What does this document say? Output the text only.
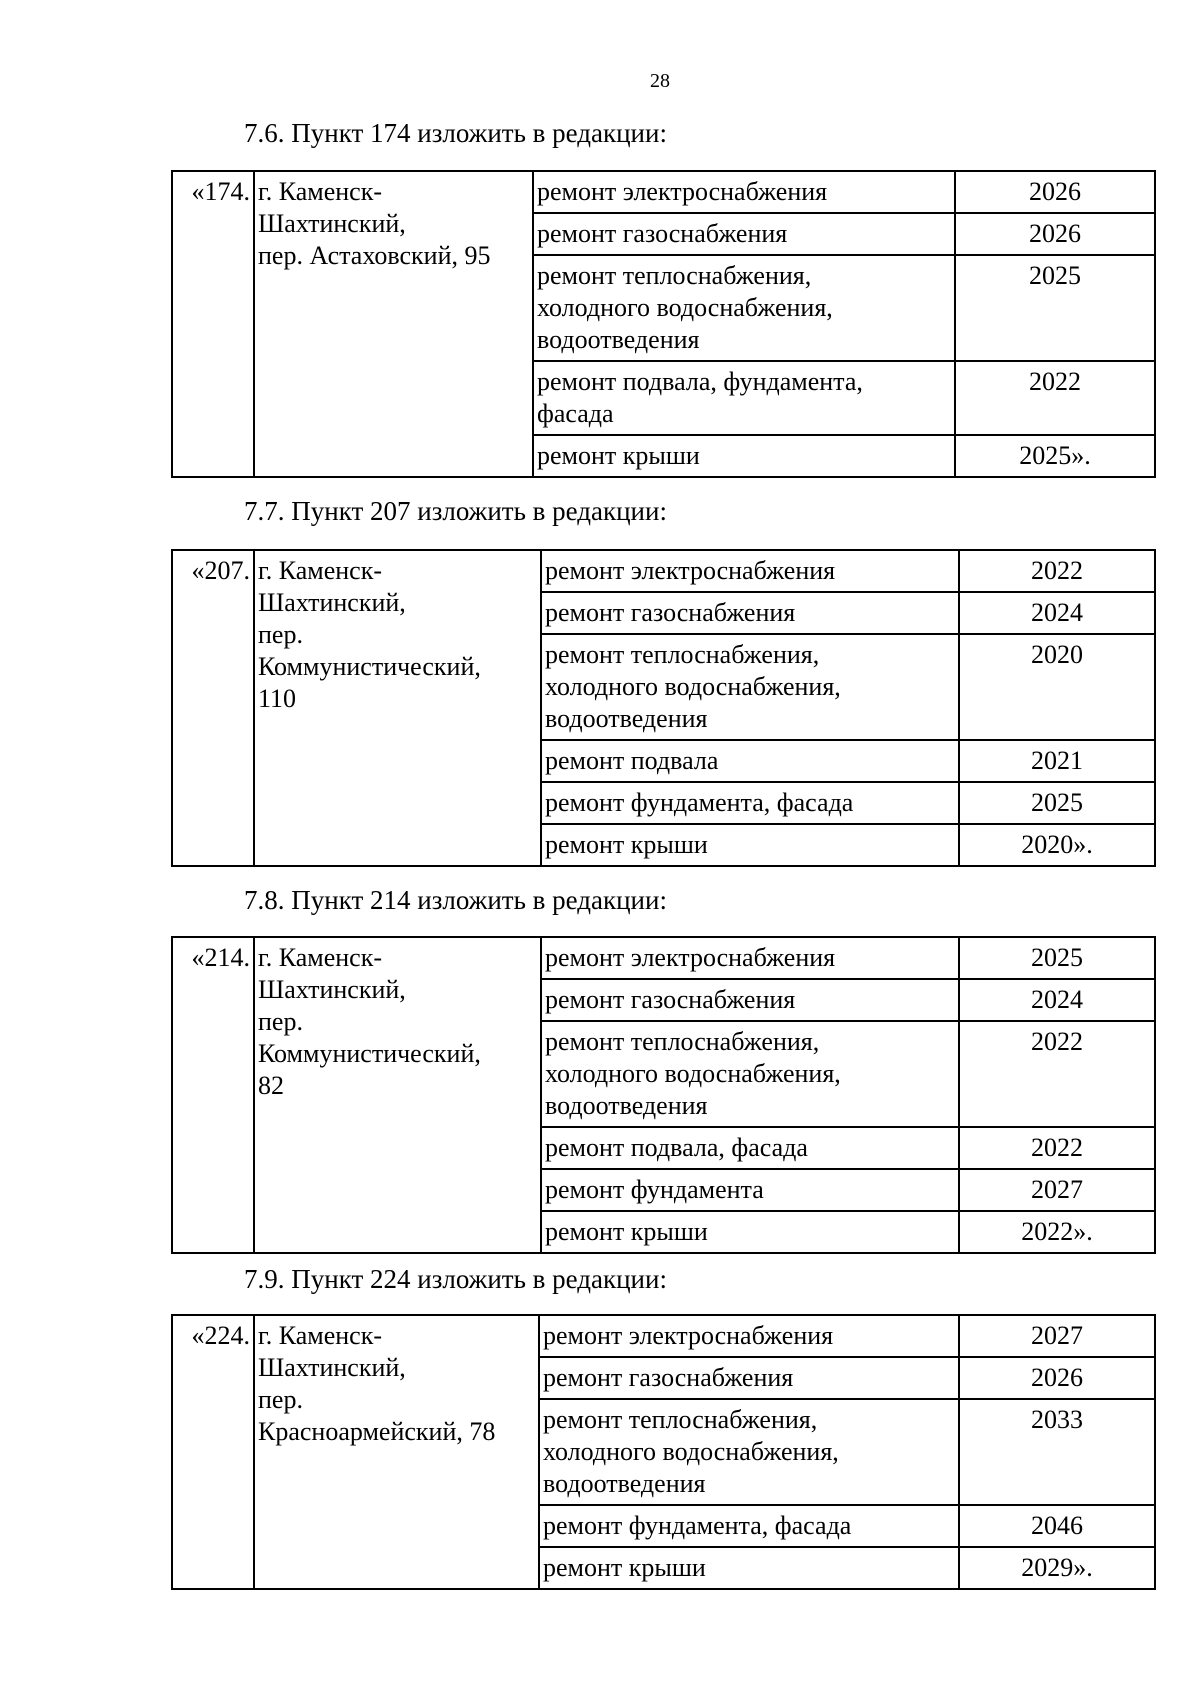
28
7.6. Пункт 174 изложить в редакции:
«174.	г. Каменск-
Шахтинский,
пер. Астаховский, 95	ремонт электроснабжения	2026

		ремонт газоснабжения	2026

		ремонт теплоснабжения,
холодного водоснабжения,
водоотведения	2025

		ремонт подвала, фундамента,
фасада	2022

		ремонт крыши	2025».
7.7. Пункт 207 изложить в редакции:
«207.	г. Каменск-
Шахтинский,
пер.
Коммунистический,
110	ремонт электроснабжения	2022

		ремонт газоснабжения	2024

		ремонт теплоснабжения,
холодного водоснабжения,
водоотведения	2020

		ремонт подвала	2021

		ремонт фундамента, фасада	2025

		ремонт крыши	2020».
7.8. Пункт 214 изложить в редакции:
«214.	г. Каменск-
Шахтинский,
пер.
Коммунистический,
82	ремонт электроснабжения	2025

		ремонт газоснабжения	2024

		ремонт теплоснабжения,
холодного водоснабжения,
водоотведения	2022

		ремонт подвала, фасада	2022

		ремонт фундамента	2027

		ремонт крыши	2022».
7.9. Пункт 224 изложить в редакции:
«224.	г. Каменск-
Шахтинский,
пер.
Красноармейский, 78	ремонт электроснабжения	2027

		ремонт газоснабжения	2026

		ремонт теплоснабжения,
холодного водоснабжения,
водоотведения	2033

		ремонт фундамента, фасада	2046

		ремонт крыши	2029».
